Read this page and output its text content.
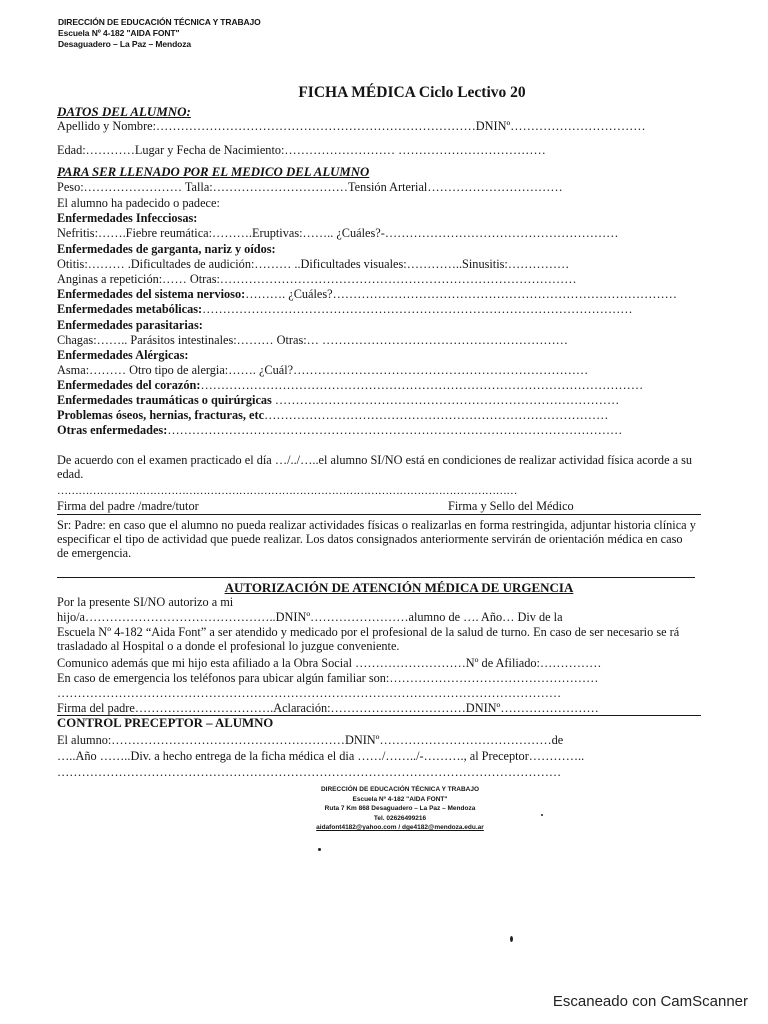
DIRECCIÓN DE EDUCACIÓN TÉCNICA Y TRABAJO
Escuela Nº 4-182 "AIDA FONT"
Desaguadero – La Paz – Mendoza
FICHA MÉDICA Ciclo Lectivo 20
DATOS DEL ALUMNO:
Apellido y Nombre:……………………………………………………………………DNINº……………………………
Edad:…………Lugar y Fecha de Nacimiento:……………………… ………………………………
PARA SER LLENADO POR EL MEDICO DEL ALUMNO
Peso:…………………… Talla:……………………………Tensión Arterial……………………………
El alumno ha padecido o padece:
Enfermedades Infecciosas:
Nefritis:…….Fiebre reumática:……….Eruptivas:…….. ¿Cuáles?-…………………………………………………
Enfermedades de garganta, nariz y oídos:
Otitis:……… .Dificultades de audición:……… ..Dificultades visuales:…………..Sinusitis:……………
Anginas a repetición:…… Otras:……………………………………………………………………………
Enfermedades del sistema nervioso:………. ¿Cuáles?…………………………………………………………………………
Enfermedades metabólicas:……………………………………………………………………………………………
Enfermedades parasitarias:
Chagas:…….. Parásitos intestinales:……… Otras:… ……………………………………………………
Enfermedades Alérgicas:
Asma:……… Otro tipo de alergia:……. ¿Cuál?………………………………………………………………
Enfermedades del corazón:………………………………………………………………………………………………
Enfermedades traumáticas o quirúrgicas …………………………………………………………………………
Problemas óseos, hernias, fracturas, etc…………………………………………………………………………
Otras enfermedades:…………………………………………………………………………………………………
De acuerdo con el examen practicado el día …/../…..el alumno SI/NO está en condiciones de realizar actividad física acorde a su edad.
…………………………………………………………………………………………………………………
Firma del padre /madre/tutor	Firma y Sello del Médico
Sr: Padre: en caso que el alumno no pueda realizar actividades físicas o realizarlas en forma restringida, adjuntar historia clínica y especificar el tipo de actividad que puede realizar. Los datos consignados anteriormente servirán de orientación médica en caso de emergencia.
AUTORIZACIÓN DE ATENCIÓN MÉDICA DE URGENCIA
Por la presente SI/NO autorizo a mi
hijo/a………………………………………..DNINº……………………alumno de …. Año… Div de la
Escuela Nº 4-182 “Aida Font” a ser atendido y medicado por el profesional de la salud de turno. En caso de ser necesario se rá trasladado al Hospital o a donde el profesional lo juzgue conveniente.
Comunico además que mi hijo esta afiliado a la Obra Social ………………………Nº de Afiliado:……………
En caso de emergencia los teléfonos para ubicar algún familiar son:……………………………………………
……………………………………………………………………………………………………………
Firma del padre…………………………….Aclaración:……………………………DNINº……………………
CONTROL PRECEPTOR – ALUMNO
El alumno:…………………………………………………DNINº……………………………………de
…..Año ……..Div. a hecho entrega de la ficha médica el dia ……/……../-………., al Preceptor…………..
……………………………………………………………………………………………………………
DIRECCIÓN DE EDUCACIÓN TÉCNICA Y TRABAJO
Escuela Nº 4-182 "AIDA FONT"
Ruta 7 Km 868 Desaguadero – La Paz – Mendoza
Tel. 02626499216
aidafont4182@yahoo.com / dge4182@mendoza.edu.ar
Escaneado con CamScanner
